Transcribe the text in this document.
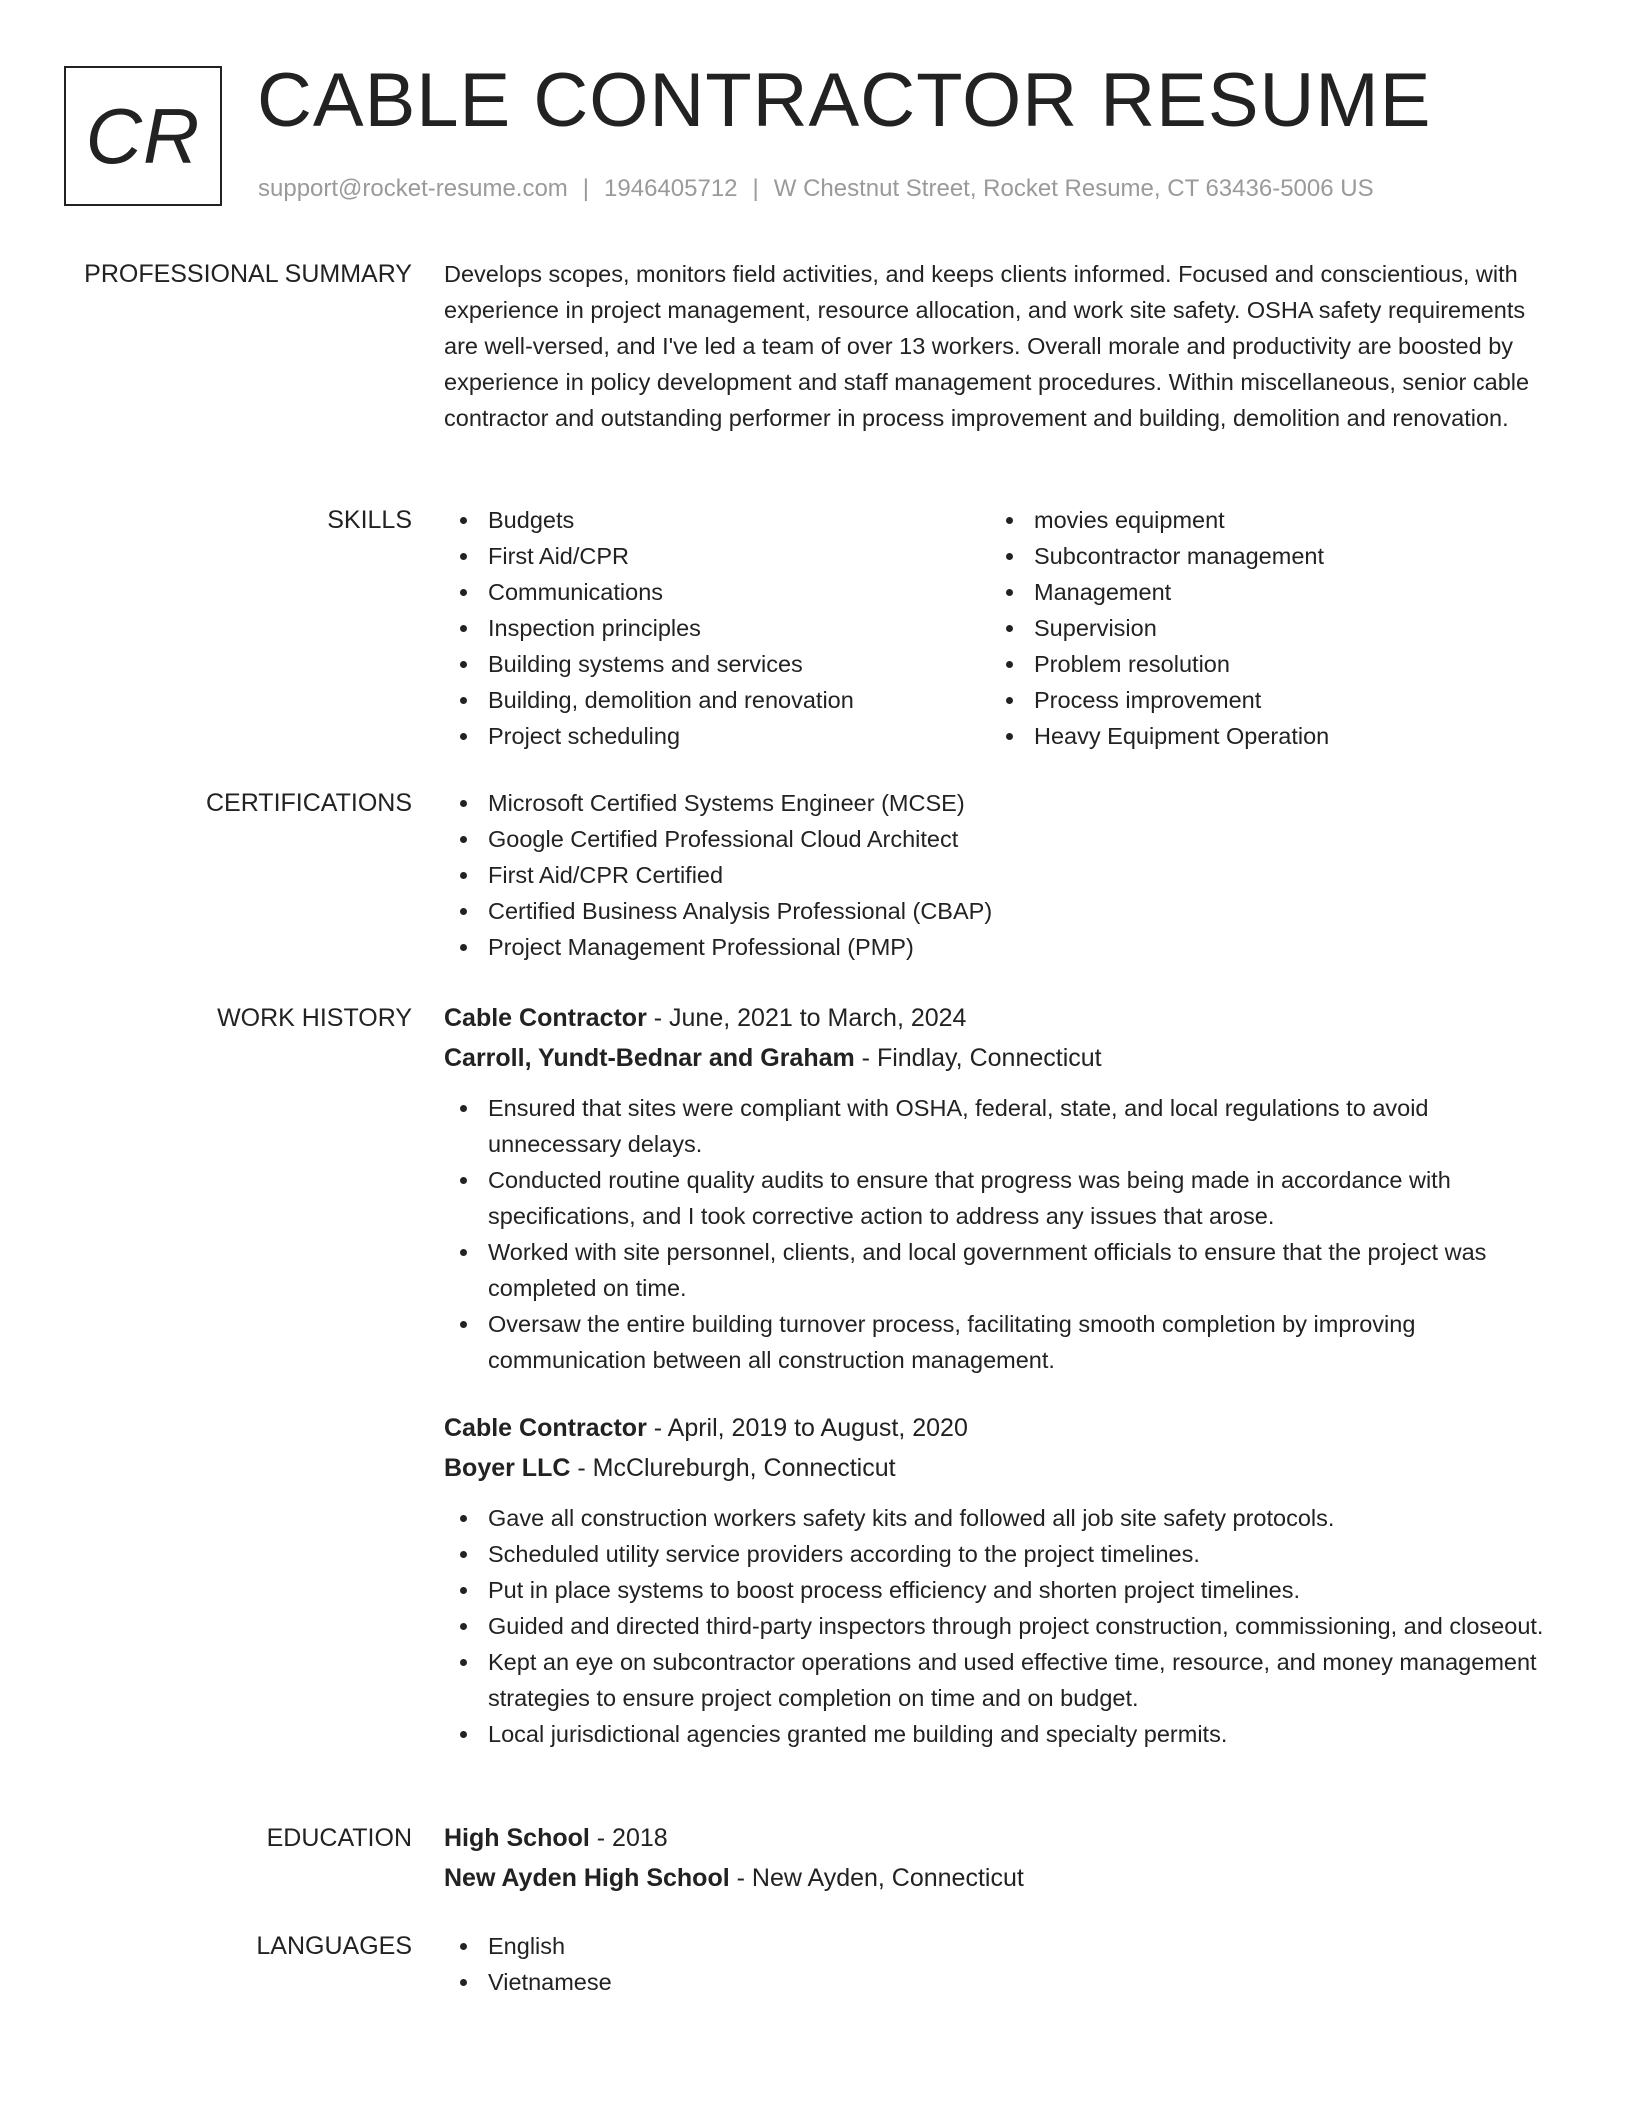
CR CABLE CONTRACTOR RESUME
support@rocket-resume.com | 1946405712 | W Chestnut Street, Rocket Resume, CT 63436-5006 US
PROFESSIONAL SUMMARY Develops scopes, monitors field activities, and keeps clients informed. Focused and conscientious, with experience in project management, resource allocation, and work site safety. OSHA safety requirements are well-versed, and I've led a team of over 13 workers. Overall morale and productivity are boosted by experience in policy development and staff management procedures. Within miscellaneous, senior cable contractor and outstanding performer in process improvement and building, demolition and renovation.

SKILLS	Budgets
First Aid/CPR
Communications
Inspection principles
Building systems and services
Building, demolition and renovation
Project scheduling
movies equipment
Subcontractor management
Management
Supervision
Problem resolution
Process improvement
Heavy Equipment Operation
CERTIFICATIONS	Microsoft Certified Systems Engineer (MCSE)
Google Certified Professional Cloud Architect
First Aid/CPR Certified
Certified Business Analysis Professional (CBAP)
Project Management Professional (PMP)
WORK HISTORY Cable Contractor - June, 2021 to March, 2024
Carroll, Yundt-Bednar and Graham - Findlay, Connecticut
Ensured that sites were compliant with OSHA, federal, state, and local regulations to avoid unnecessary delays.
Conducted routine quality audits to ensure that progress was being made in accordance with specifications, and I took corrective action to address any issues that arose.
Worked with site personnel, clients, and local government officials to ensure that the project was completed on time.
Oversaw the entire building turnover process, facilitating smooth completion by improving communication between all construction management.
Cable Contractor - April, 2019 to August, 2020
Boyer LLC - McClureburgh, Connecticut
Gave all construction workers safety kits and followed all job site safety protocols.
Scheduled utility service providers according to the project timelines.
Put in place systems to boost process efficiency and shorten project timelines.
Guided and directed third-party inspectors through project construction, commissioning, and closeout.
Kept an eye on subcontractor operations and used effective time, resource, and money management strategies to ensure project completion on time and on budget.
Local jurisdictional agencies granted me building and specialty permits.
EDUCATION High School - 2018
New Ayden High School - New Ayden, Connecticut
LANGUAGES	English
Vietnamese
